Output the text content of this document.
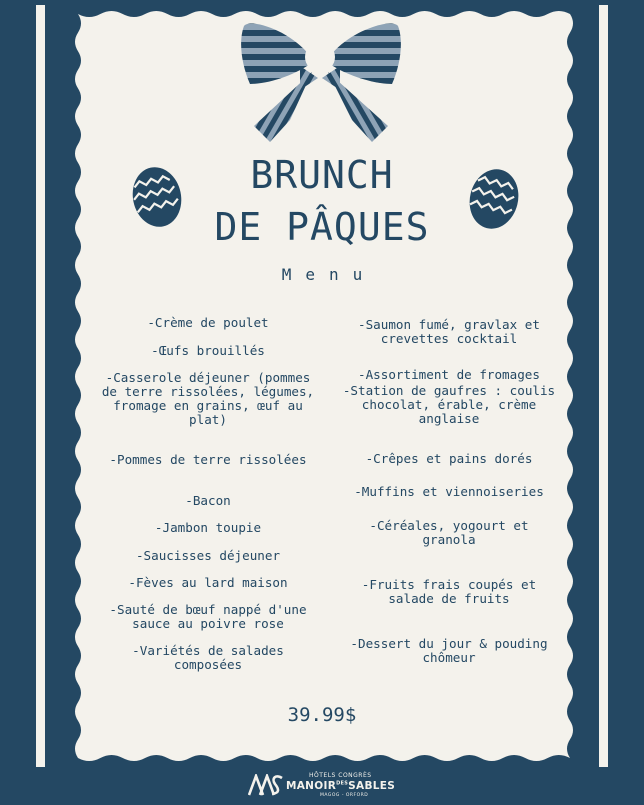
BRUNCH
DE PÂQUES
Menu
-Crème de poulet
-Œufs brouillés
-Casserole déjeuner (pommes de terre rissolées, légumes, fromage en grains, œuf au plat)
-Pommes de terre rissolées
-Bacon
-Jambon toupie
-Saucisses déjeuner
-Fèves au lard maison
-Sauté de bœuf nappé d'une sauce au poivre rose
-Variétés de salades composées
-Saumon fumé, gravlax et crevettes cocktail
-Assortiment de fromages
-Station de gaufres : coulis chocolat, érable, crème anglaise
-Crêpes et pains dorés
-Muffins et viennoiseries
-Céréales, yogourt et granola
-Fruits frais coupés et salade de fruits
-Dessert du jour & pouding chômeur
39.99$
HÔTELS CONGRÈS
$MANOIR^{DES}SABLES$
MAGOG - ORFORD
